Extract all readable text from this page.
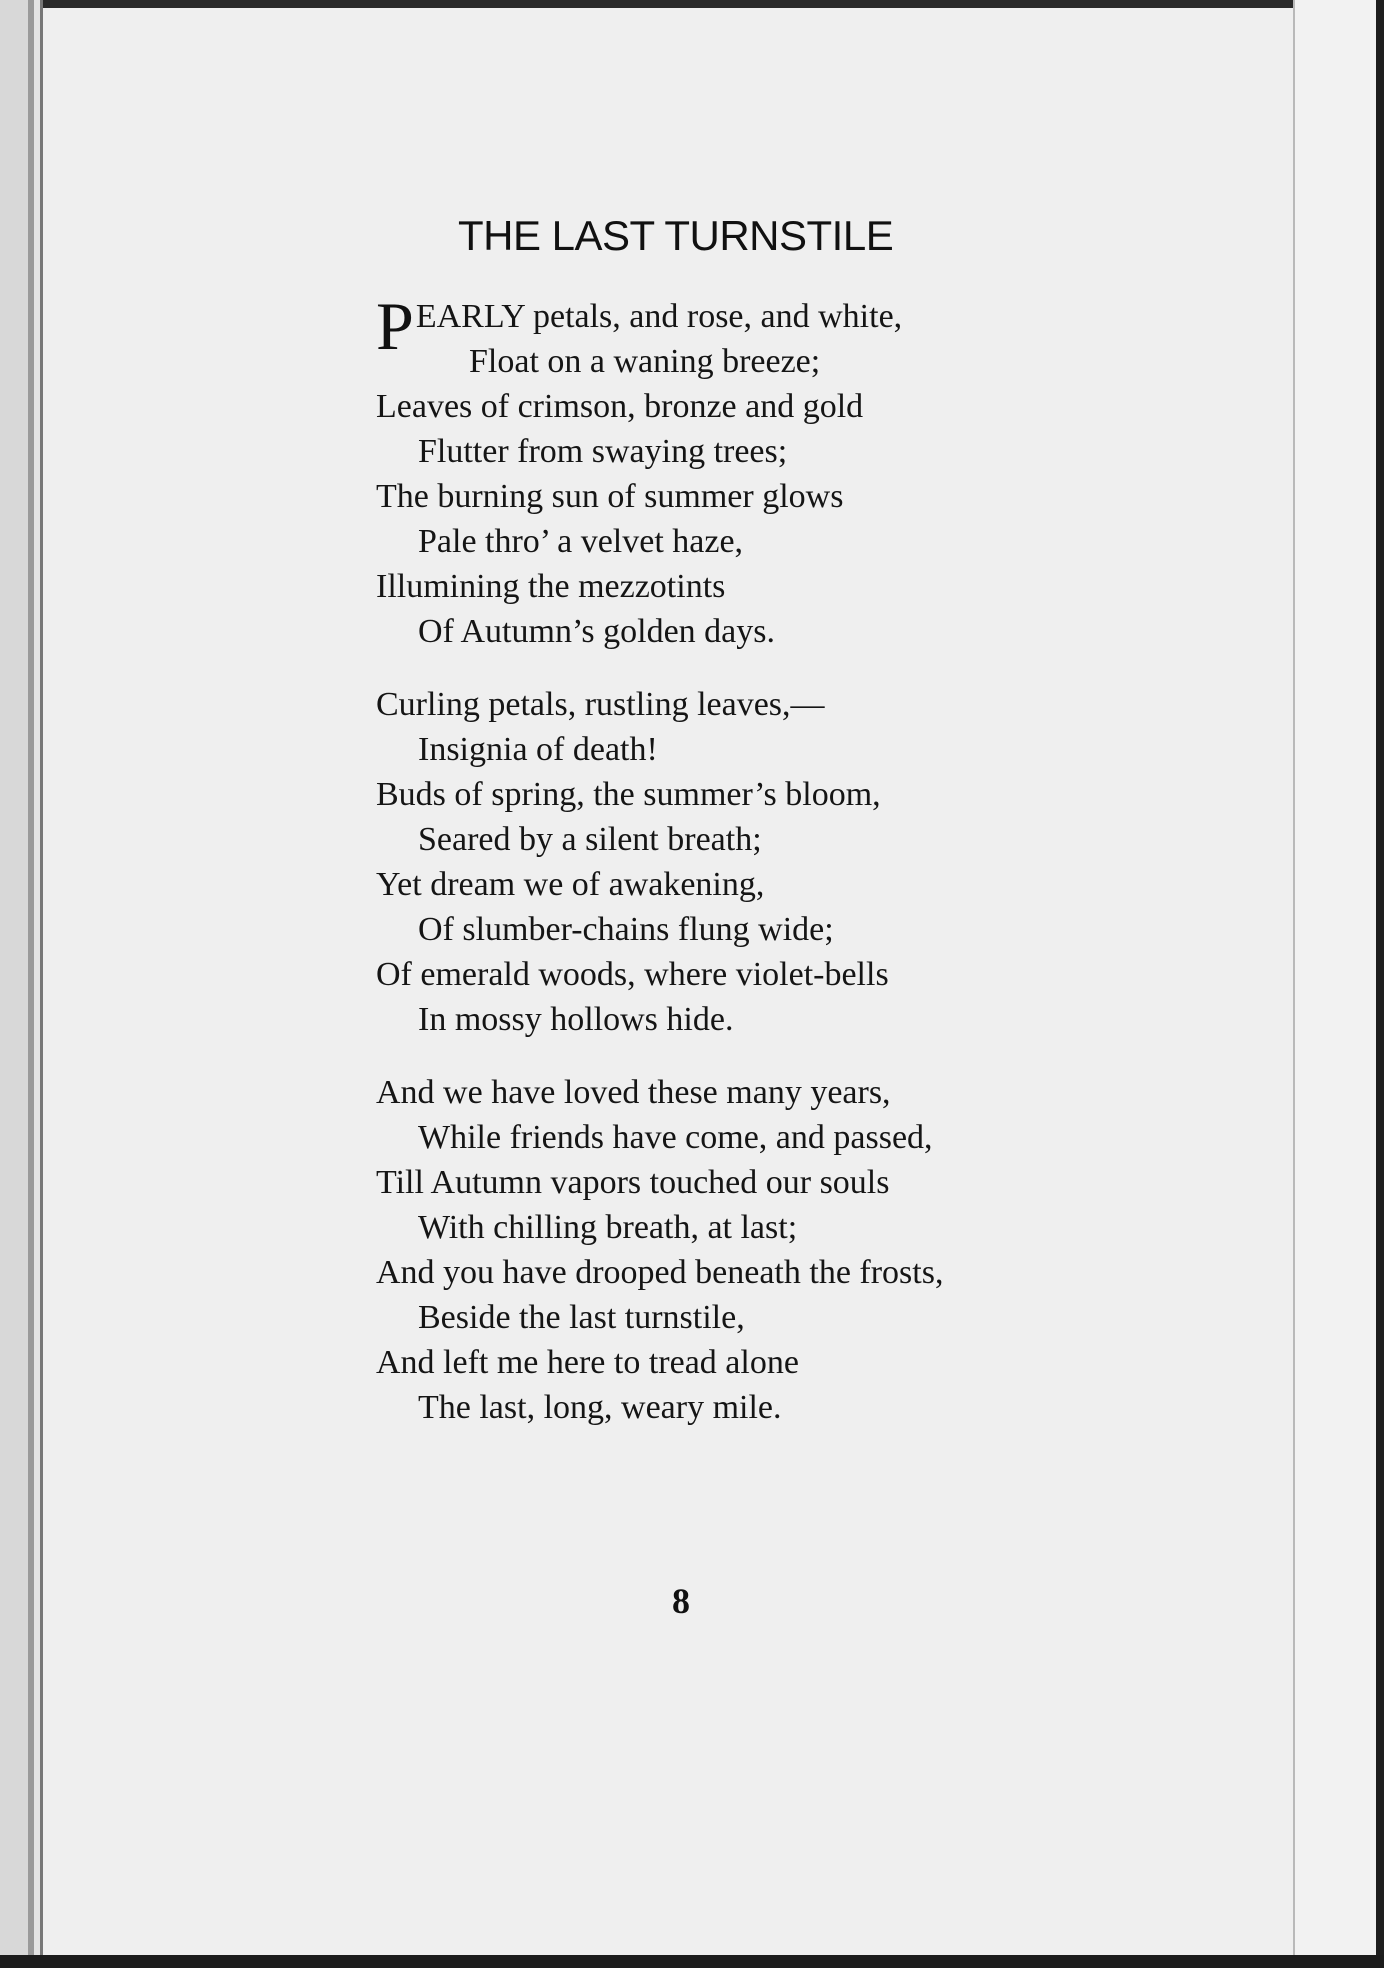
THE LAST TURNSTILE
PEARLY petals, and rose, and white,
Float on a waning breeze;
Leaves of crimson, bronze and gold
Flutter from swaying trees;
The burning sun of summer glows
Pale thro’ a velvet haze,
Illumining the mezzotints
Of Autumn’s golden days.
Curling petals, rustling leaves,—
Insignia of death!
Buds of spring, the summer’s bloom,
Seared by a silent breath;
Yet dream we of awakening,
Of slumber-chains flung wide;
Of emerald woods, where violet-bells
In mossy hollows hide.
And we have loved these many years,
While friends have come, and passed,
Till Autumn vapors touched our souls
With chilling breath, at last;
And you have drooped beneath the frosts,
Beside the last turnstile,
And left me here to tread alone
The last, long, weary mile.
8
